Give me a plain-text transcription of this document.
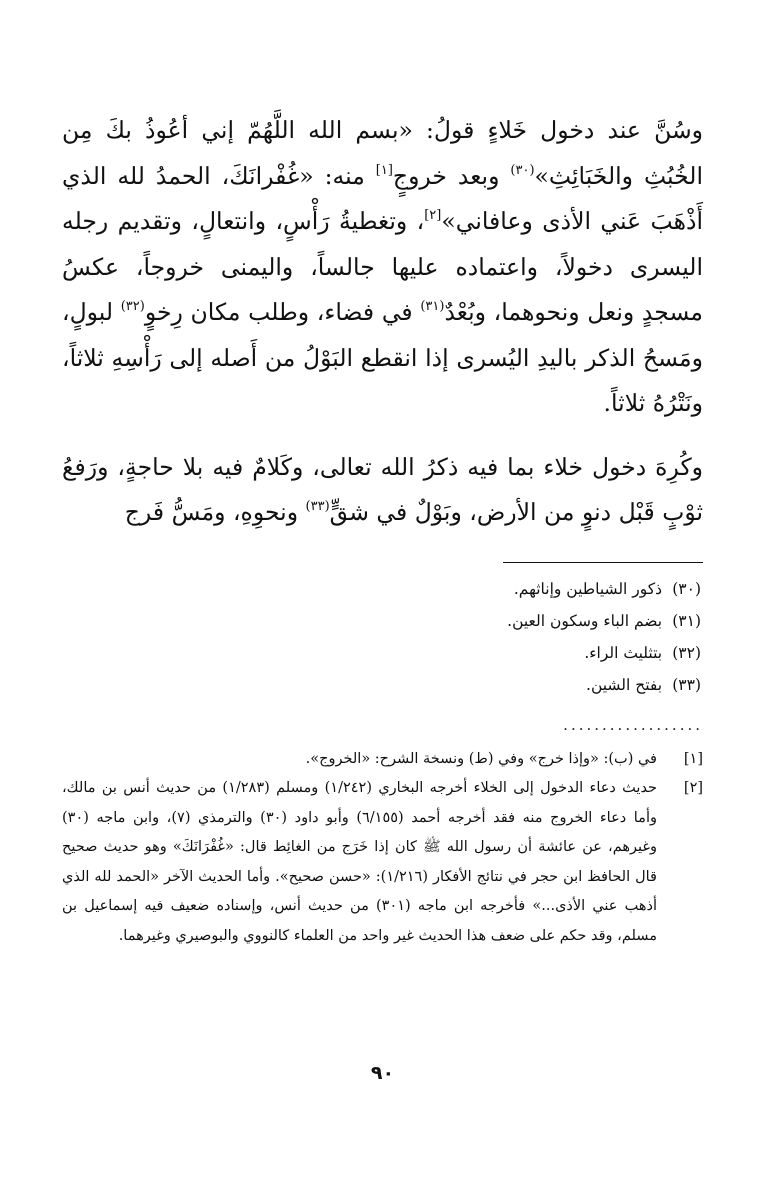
وسُنَّ عند دخول خَلاءٍ قولُ: «بسم الله اللَّهُمّ إني أعُوذُ بكَ مِن الخُبُثِ والخَبَائِثِ»$^{(٣٠)}$ وبعد خروجٍ[١] منه: «غُفْرانَكَ، الحمدُ لله الذي أَذْهَبَ عَني الأذى وعافاني»[٢]، وتغطيةُ رَأْسٍ، وانتعالٍ، وتقديم رجله اليسرى دخولاً، واعتماده عليها جالساً، واليمنى خروجاً، عكسُ مسجدٍ ونعل ونحوهما، وبُعْدٌ$^{(٣١)}$ في فضاء، وطلب مكان رِخوٍ$^{(٣٢)}$ لبولٍ، ومَسحُ الذكر باليدِ اليُسرى إذا انقطع البَوْلُ من أَصله إلى رَأْسِهِ ثلاثاً، ونَتْرُهُ ثلاثاً.

وكُرِهَ دخول خلاء بما فيه ذكرُ الله تعالى، وكَلامٌ فيه بلا حاجةٍ، ورَفعُ ثوْبٍ قَبْل دنوٍ من الأرض، وبَوْلٌ في شقٍّ$^{(٣٣)}$ ونحوِهِ، ومَسُّ فَرج

(٣٠) ذكور الشياطين وإناثهم.
(٣١) بضم الباء وسكون العين.
(٣٢) بتثليث الراء.
(٣٣) بفتح الشين.
..................
[١]في (ب): «وإذا خرج» وفي (ط) ونسخة الشرح: «الخروج».
[٢]حديث دعاء الدخول إلى الخلاء أخرجه البخاري (١/٢٤٢) ومسلم (١/٢٨٣) من حديث أنس بن مالك، وأما دعاء الخروج منه فقد أخرجه أحمد (٦/١٥٥) وأبو داود (٣٠) والترمذي (٧)، وابن ماجه (٣٠) وغيرهم، عن عائشة أن رسول الله ﷺ كان إذا خَرَج من الغائِط قال: «غُفْرَانَكَ» وهو حديث صحيح قال الحافظ ابن حجر في نتائج الأفكار (١/٢١٦): «حسن صحيح». وأما الحديث الآخر «الحمد لله الذي أذهب عني الأذى...» فأخرجه ابن ماجه (٣٠١) من حديث أنس، وإسناده ضعيف فيه إسماعيل بن مسلم، وقد حكم على ضعف هذا الحديث غير واحد من العلماء كالنووي والبوصيري وغيرهما.
٩٠
